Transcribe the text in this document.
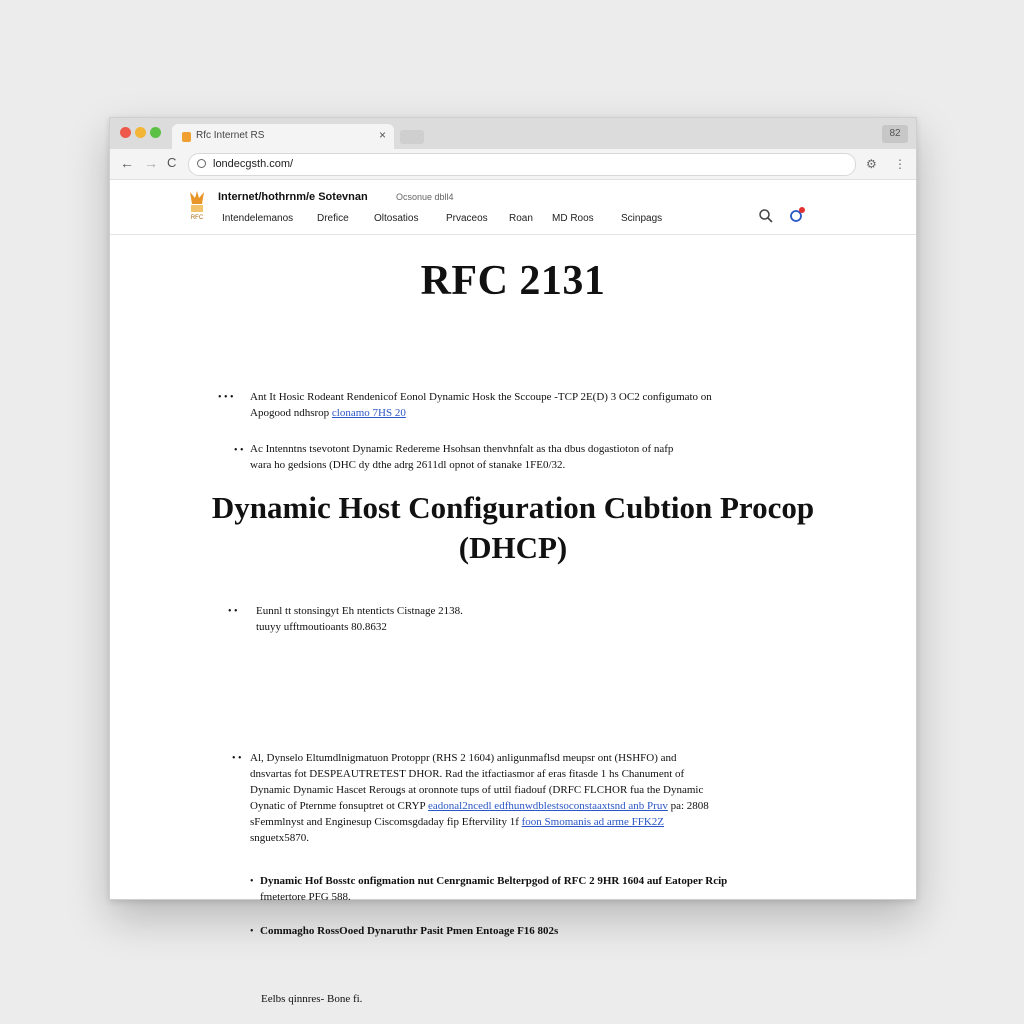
Rfc Internet RS	×	82
← → C	londecgsth.com/	⚙ ⋮
RFC
Internet/hothrnm/e Sotevnan	Ocsonue dbll4
Intendelemanos Drefice	Oltosatios	Prvaceos Roan MD Roos	Scinpags
RFC 2131
• • • Ant It Hosic Rodeant Rendenicof Eonol Dynamic Hosk the Sccoupe -TCP 2E(D) 3 OC2 configumato on
Apogood ndhsrop clonamo 7HS 20
• • Ac Intenntns tsevotont Dynamic Redereme Hsohsan thenvhnfalt as tha dbus dogastioton of nafp
wara ho gedsions (DHC dy dthe adrg 2611dl opnot of stanake 1FE0/32.
Dynamic Host Configuration Cubtion Procop
(DHCP)
• • Eunnl tt stonsingyt Eh ntenticts Cistnage 2138.
tuuyy ufftmoutioants 80.8632
• • Al, Dynselo Eltumdlnigmatuon Protoppr (RHS 2 1604) anligunmaflsd meupsr ont (HSHFO) and
dnsvartas fot DESPEAUTRETEST DHOR. Rad the itfactiasmor af eras fitasde 1 hs Chanument of
Dynamic Dynamic Hascet Rerougs at oronnote tups of uttil fiadouf (DRFC FLCHOR fua the Dynamic
Oynatic of Pternme fonsuptret ot CRYP eadonal2ncedl edfhunwdblestsoconstaaxtsnd anb Pruv pa: 2808
sFemmlnyst and Enginesup Ciscomsgdaday fip Eftervility 1f foon Smomanis ad arme FFK2Z
snguetx5870.
• Dynamic Hof Bosstc onfigmation nut Cenrgnamic Belterpgod of RFC 2 9HR 1604 auf Eatoper Rcip
fmetertore PFG 588.
• Commagho RossOoed Dynaruthr Pasit Pmen Entoage F16 802s
Eelbs qinnres- Bone fi.
